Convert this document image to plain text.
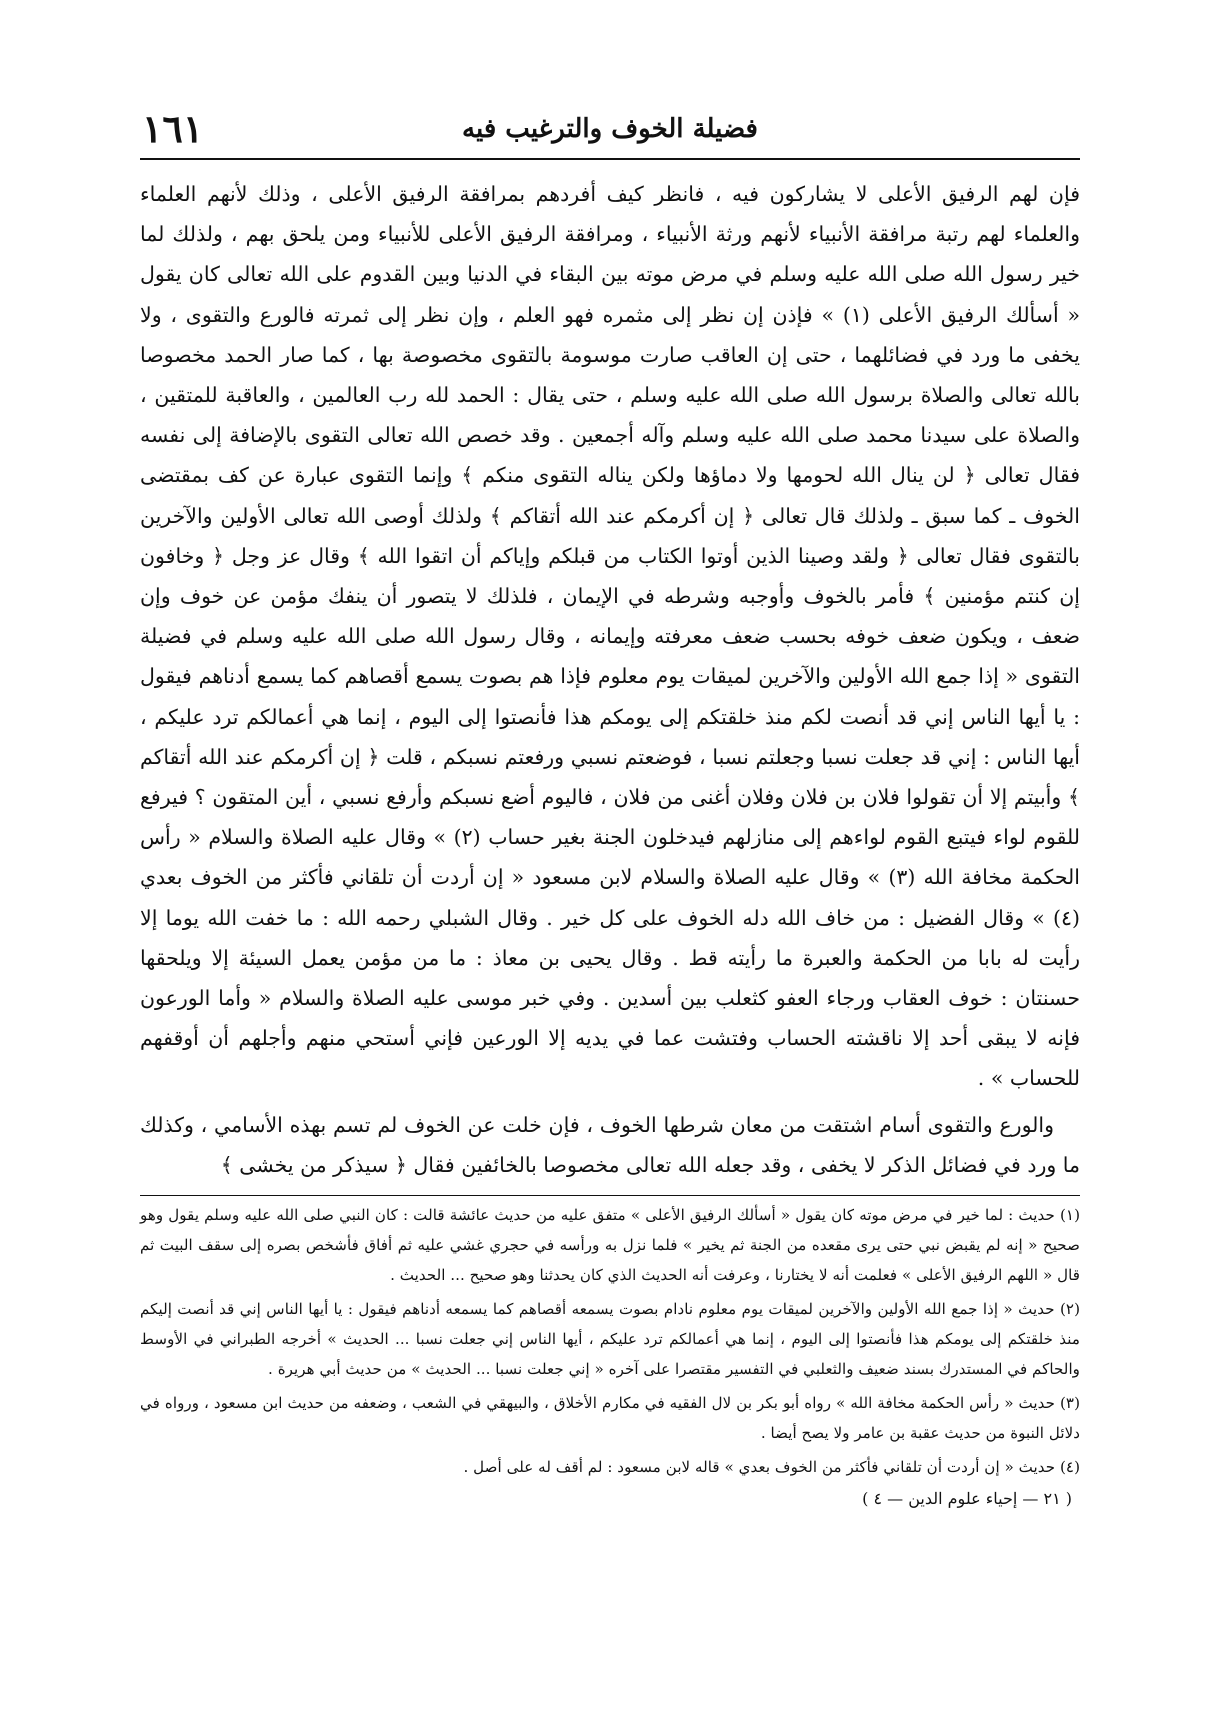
١٦١	فضيلة الخوف والترغيب فيه

فإن لهم الرفيق الأعلى لا يشاركون فيه ، فانظر كيف أفردهم بمرافقة الرفيق الأعلى ، وذلك لأنهم العلماء والعلماء لهم رتبة مرافقة الأنبياء لأنهم ورثة الأنبياء ، ومرافقة الرفيق الأعلى للأنبياء ومن يلحق بهم ، ولذلك لما خير رسول الله صلى الله عليه وسلم في مرض موته بين البقاء في الدنيا وبين القدوم على الله تعالى كان يقول « أسألك الرفيق الأعلى (١) » فإذن إن نظر إلى مثمره فهو العلم ، وإن نظر إلى ثمرته فالورع والتقوى ، ولا يخفى ما ورد في فضائلهما ، حتى إن العاقب صارت موسومة بالتقوى مخصوصة بها ، كما صار الحمد مخصوصا بالله تعالى والصلاة برسول الله صلى الله عليه وسلم ، حتى يقال : الحمد لله رب العالمين ، والعاقبة للمتقين ، والصلاة على سيدنا محمد صلى الله عليه وسلم وآله أجمعين . وقد خصص الله تعالى التقوى بالإضافة إلى نفسه فقال تعالى ﴿ لن ينال الله لحومها ولا دماؤها ولكن يناله التقوى منكم ﴾ وإنما التقوى عبارة عن كف بمقتضى الخوف ـ كما سبق ـ ولذلك قال تعالى ﴿ إن أكرمكم عند الله أتقاكم ﴾ ولذلك أوصى الله تعالى الأولين والآخرين بالتقوى فقال تعالى ﴿ ولقد وصينا الذين أوتوا الكتاب من قبلكم وإياكم أن اتقوا الله ﴾ وقال عز وجل ﴿ وخافون إن كنتم مؤمنين ﴾ فأمر بالخوف وأوجبه وشرطه في الإيمان ، فلذلك لا يتصور أن ينفك مؤمن عن خوف وإن ضعف ، ويكون ضعف خوفه بحسب ضعف معرفته وإيمانه ، وقال رسول الله صلى الله عليه وسلم في فضيلة التقوى « إذا جمع الله الأولين والآخرين لميقات يوم معلوم فإذا هم بصوت يسمع أقصاهم كما يسمع أدناهم فيقول : يا أيها الناس إني قد أنصت لكم منذ خلقتكم إلى يومكم هذا فأنصتوا إلى اليوم ، إنما هي أعمالكم ترد عليكم ، أيها الناس : إني قد جعلت نسبا وجعلتم نسبا ، فوضعتم نسبي ورفعتم نسبكم ، قلت ﴿ إن أكرمكم عند الله أتقاكم ﴾ وأبيتم إلا أن تقولوا فلان بن فلان وفلان أغنى من فلان ، فاليوم أضع نسبكم وأرفع نسبي ، أين المتقون ؟ فيرفع للقوم لواء فيتبع القوم لواءهم إلى منازلهم فيدخلون الجنة بغير حساب (٢) » وقال عليه الصلاة والسلام « رأس الحكمة مخافة الله (٣) » وقال عليه الصلاة والسلام لابن مسعود « إن أردت أن تلقاني فأكثر من الخوف بعدي (٤) » وقال الفضيل : من خاف الله دله الخوف على كل خير . وقال الشبلي رحمه الله : ما خفت الله يوما إلا رأيت له بابا من الحكمة والعبرة ما رأيته قط . وقال يحيى بن معاذ : ما من مؤمن يعمل السيئة إلا ويلحقها حسنتان : خوف العقاب ورجاء العفو كثعلب بين أسدين . وفي خبر موسى عليه الصلاة والسلام « وأما الورعون فإنه لا يبقى أحد إلا ناقشته الحساب وفتشت عما في يديه إلا الورعين فإني أستحي منهم وأجلهم أن أوقفهم للحساب » .

والورع والتقوى أسام اشتقت من معان شرطها الخوف ، فإن خلت عن الخوف لم تسم بهذه الأسامي ، وكذلك ما ورد في فضائل الذكر لا يخفى ، وقد جعله الله تعالى مخصوصا بالخائفين فقال ﴿ سيذكر من يخشى ﴾

(١) حديث : لما خير في مرض موته كان يقول « أسألك الرفيق الأعلى » متفق عليه من حديث عائشة قالت : كان النبي صلى الله عليه وسلم يقول وهو صحيح « إنه لم يقبض نبي حتى يرى مقعده من الجنة ثم يخير » فلما نزل به ورأسه في حجري غشي عليه ثم أفاق فأشخص بصره إلى سقف البيت ثم قال « اللهم الرفيق الأعلى » فعلمت أنه لا يختارنا ، وعرفت أنه الحديث الذي كان يحدثنا وهو صحيح ... الحديث .

(٢) حديث « إذا جمع الله الأولين والآخرين لميقات يوم معلوم نادام بصوت يسمعه أقصاهم كما يسمعه أدناهم فيقول : يا أيها الناس إني قد أنصت إليكم منذ خلقتكم إلى يومكم هذا فأنصتوا إلى اليوم ، إنما هي أعمالكم ترد عليكم ، أيها الناس إني جعلت نسبا ... الحديث » أخرجه الطبراني في الأوسط والحاكم في المستدرك بسند ضعيف والثعلبي في التفسير مقتصرا على آخره « إني جعلت نسبا ... الحديث » من حديث أبي هريرة .

(٣) حديث « رأس الحكمة مخافة الله » رواه أبو بكر بن لال الفقيه في مكارم الأخلاق ، والبيهقي في الشعب ، وضعفه من حديث ابن مسعود ، ورواه في دلائل النبوة من حديث عقبة بن عامر ولا يصح أيضا .

(٤) حديث « إن أردت أن تلقاني فأكثر من الخوف بعدي » قاله لابن مسعود : لم أقف له على أصل .

( ٢١ — إحياء علوم الدين — ٤ )
